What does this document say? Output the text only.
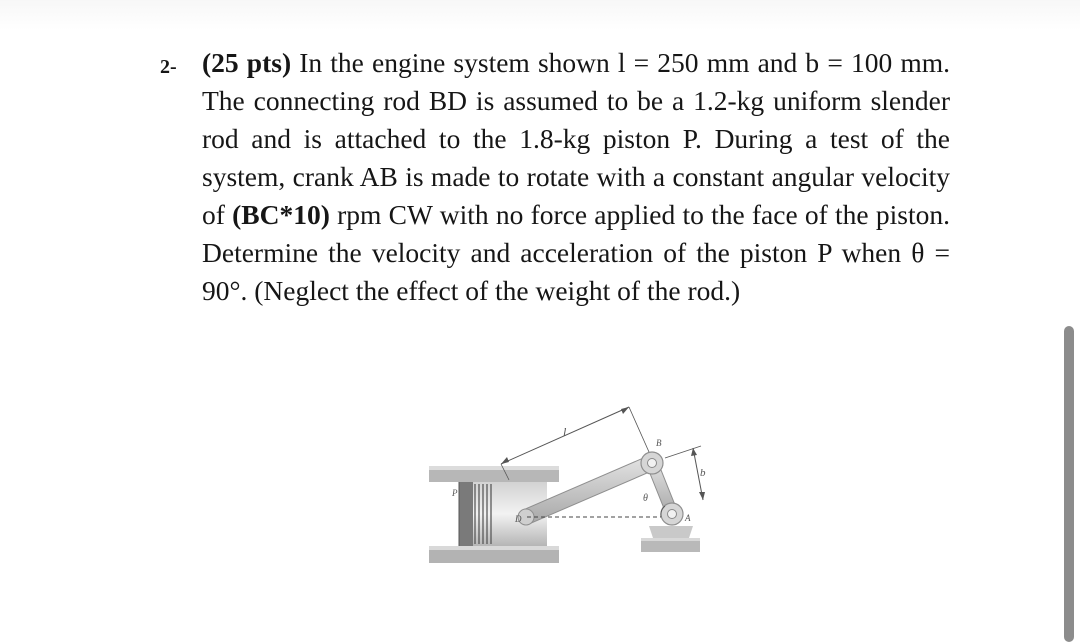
2- (25 pts) In the engine system shown l = 250 mm and b = 100 mm. The connecting rod BD is assumed to be a 1.2-kg uniform slender rod and is attached to the 1.8-kg piston P. During a test of the system, crank AB is made to rotate with a constant angular velocity of (BC*10) rpm CW with no force applied to the face of the piston. Determine the velocity and acceleration of the piston P when θ = 90°. (Neglect the effect of the weight of the rod.)
l
b
B
A
D
P	θ
